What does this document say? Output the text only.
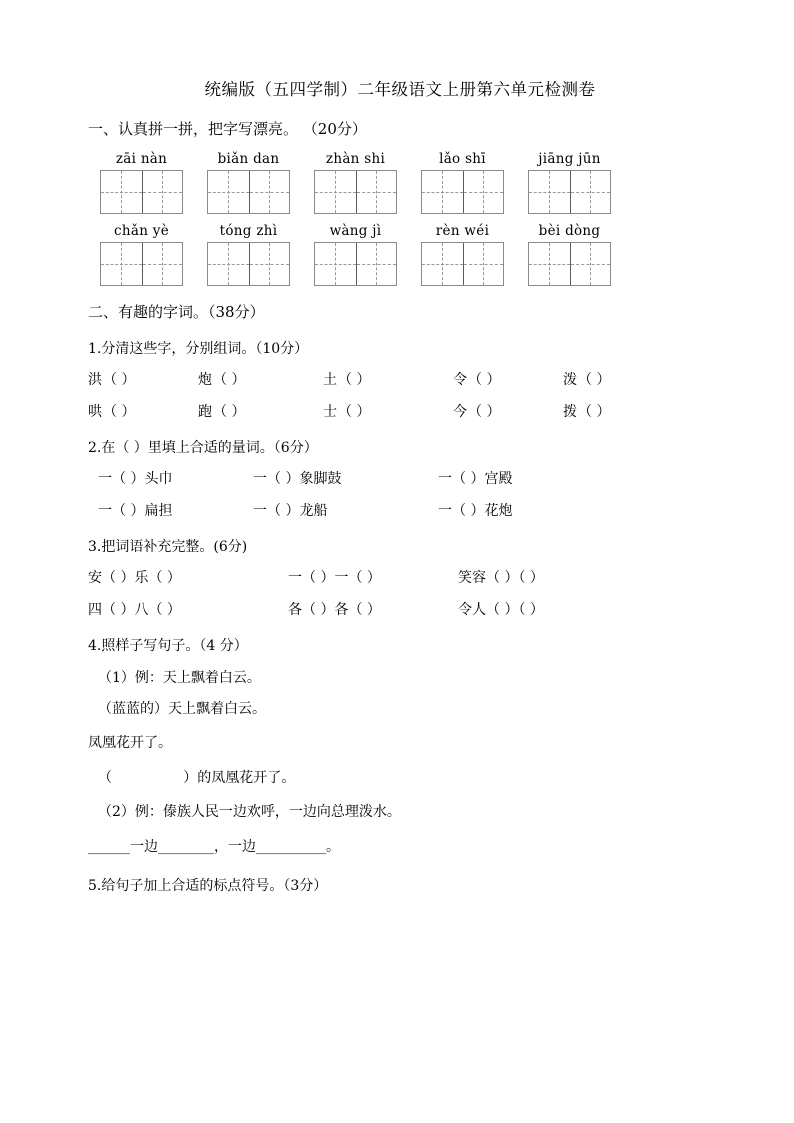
统编版（五四学制）二年级语文上册第六单元检测卷
一、认真拼一拼，把字写漂亮。 （20分）
zāi nàn	biǎn dan	zhàn shi	lǎo shī	jiāng jūn
chǎn yè	tóng zhì	wàng jì	rèn wéi	bèi dòng
二、有趣的字词。（38分）
1.分清这些字，分别组词。（10分）
洪（ ）	炮（ ）	土（ ）	令（ ）	泼（ ）
哄（ ）	跑（ ）	士（ ）	今（ ）	拨（ ）
2.在（ ）里填上合适的量词。（6分）
一（ ）头巾	一（ ）象脚鼓	一（ ）宫殿
一（ ）扁担	一（ ）龙船	一（ ）花炮
3.把词语补充完整。(6分)
安（ ）乐（ ）	一（ ）一（ ）	笑容（ ）（ ）
四（ ）八（ ）	各（ ）各（ ）	令人（ ）（ ）
4.照样子写句子。（4 分）
（1）例：天上飘着白云。
（蓝蓝的）天上飘着白云。
凤凰花开了。
（                ）的凤凰花开了。
（2）例：傣族人民一边欢呼，一边向总理泼水。
______一边________，一边__________。
5.给句子加上合适的标点符号。（3分）
